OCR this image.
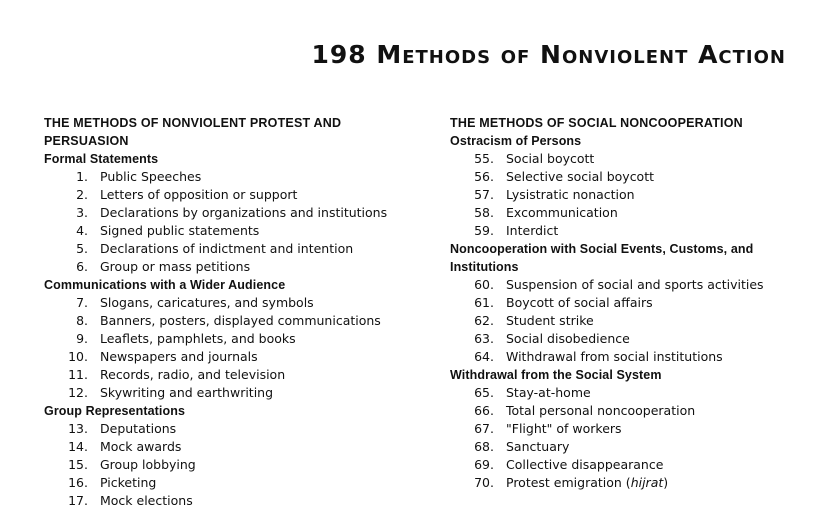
198 Methods of Nonviolent Action
THE METHODS OF NONVIOLENT PROTEST AND PERSUASION
Formal Statements
1. Public Speeches
2. Letters of opposition or support
3. Declarations by organizations and institutions
4. Signed public statements
5. Declarations of indictment and intention
6. Group or mass petitions
Communications with a Wider Audience
7. Slogans, caricatures, and symbols
8. Banners, posters, displayed communications
9. Leaflets, pamphlets, and books
10. Newspapers and journals
11. Records, radio, and television
12. Skywriting and earthwriting
Group Representations
13. Deputations
14. Mock awards
15. Group lobbying
16. Picketing
17. Mock elections
THE METHODS OF SOCIAL NONCOOPERATION
Ostracism of Persons
55. Social boycott
56. Selective social boycott
57. Lysistratic nonaction
58. Excommunication
59. Interdict
Noncooperation with Social Events, Customs, and Institutions
60. Suspension of social and sports activities
61. Boycott of social affairs
62. Student strike
63. Social disobedience
64. Withdrawal from social institutions
Withdrawal from the Social System
65. Stay-at-home
66. Total personal noncooperation
67. "Flight" of workers
68. Sanctuary
69. Collective disappearance
70. Protest emigration (hijrat)
